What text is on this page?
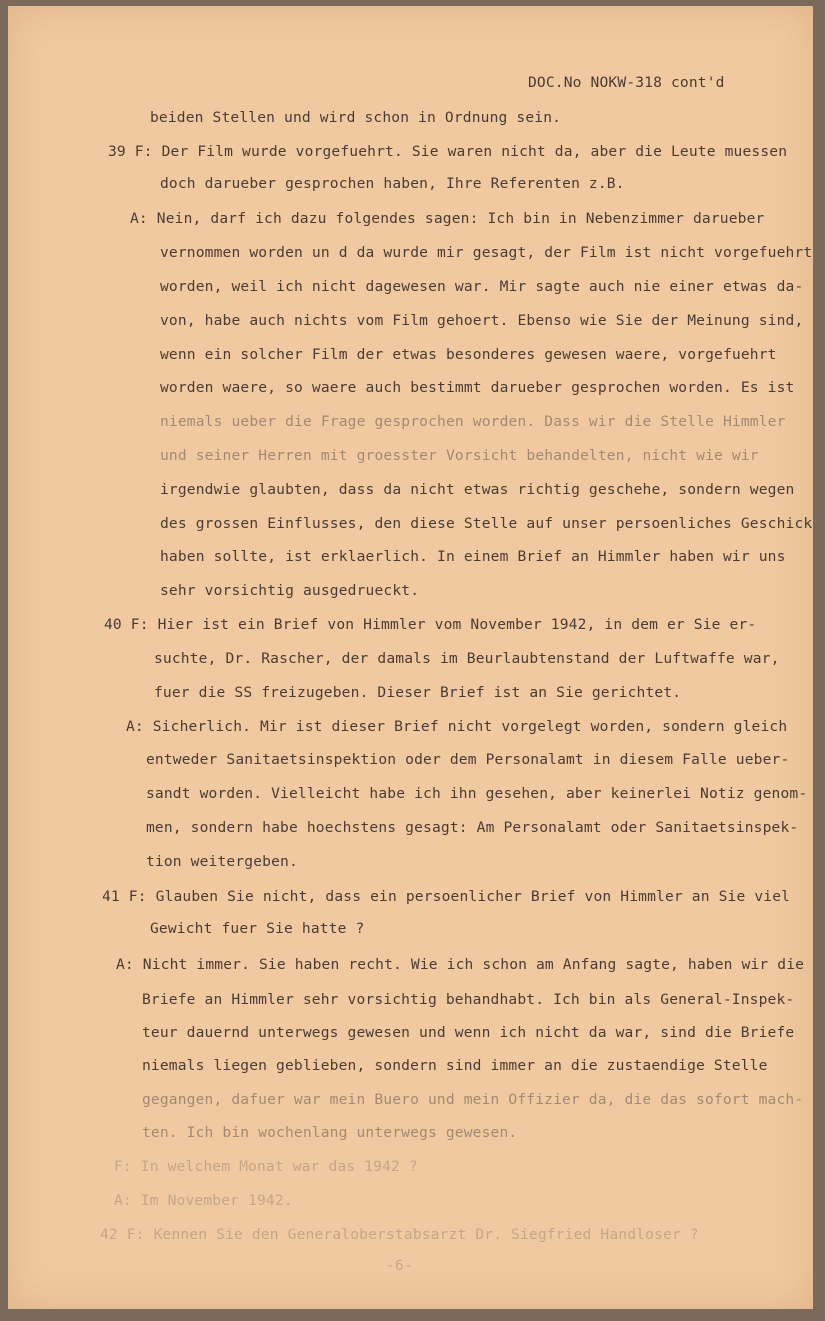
DOC.No NOKW-318 cont'd
beiden Stellen und wird schon in Ordnung sein.
39 F: Der Film wurde vorgefuehrt. Sie waren nicht da, aber die Leute muessen
doch darueber gesprochen haben, Ihre Referenten z.B.
A: Nein, darf ich dazu folgendes sagen: Ich bin in Nebenzimmer darueber
vernommen worden un d da wurde mir gesagt, der Film ist nicht vorgefuehrt
worden, weil ich nicht dagewesen war. Mir sagte auch nie einer etwas da-
von, habe auch nichts vom Film gehoert. Ebenso wie Sie der Meinung sind,
wenn ein solcher Film der etwas besonderes gewesen waere, vorgefuehrt
worden waere, so waere auch bestimmt darueber gesprochen worden. Es ist
niemals ueber die Frage gesprochen worden. Dass wir die Stelle Himmler
und seiner Herren mit groesster Vorsicht behandelten, nicht wie wir
irgendwie glaubten, dass da nicht etwas richtig geschehe, sondern wegen
des grossen Einflusses, den diese Stelle auf unser persoenliches Geschick
haben sollte, ist erklaerlich. In einem Brief an Himmler haben wir uns
sehr vorsichtig ausgedrueckt.
40 F: Hier ist ein Brief von Himmler vom November 1942, in dem er Sie er-
suchte, Dr. Rascher, der damals im Beurlaubtenstand der Luftwaffe war,
fuer die SS freizugeben. Dieser Brief ist an Sie gerichtet.
A: Sicherlich. Mir ist dieser Brief nicht vorgelegt worden, sondern gleich
entweder Sanitaetsinspektion oder dem Personalamt in diesem Falle ueber-
sandt worden. Vielleicht habe ich ihn gesehen, aber keinerlei Notiz genom-
men, sondern habe hoechstens gesagt: Am Personalamt oder Sanitaetsinspek-
tion weitergeben.
41 F: Glauben Sie nicht, dass ein persoenlicher Brief von Himmler an Sie viel
Gewicht fuer Sie hatte ?
A: Nicht immer. Sie haben recht. Wie ich schon am Anfang sagte, haben wir die
Briefe an Himmler sehr vorsichtig behandhabt. Ich bin als General-Inspek-
teur dauernd unterwegs gewesen und wenn ich nicht da war, sind die Briefe
niemals liegen geblieben, sondern sind immer an die zustaendige Stelle
gegangen, dafuer war mein Buero und mein Offizier da, die das sofort mach-
ten. Ich bin wochenlang unterwegs gewesen.
F: In welchem Monat war das 1942 ?
A: Im November 1942.
42 F: Kennen Sie den Generaloberstabsarzt Dr. Siegfried Handloser ?
-6-
